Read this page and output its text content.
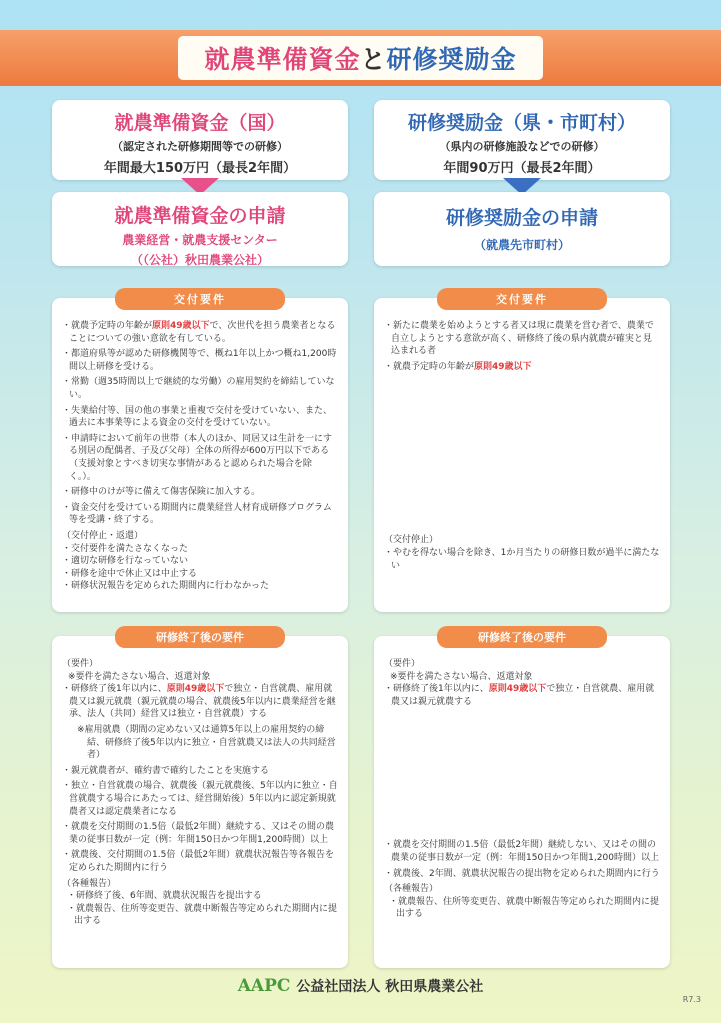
就農準備資金 と 研修奨励金
就農準備資金（国）
（認定された研修期間等での研修）
年間最大150万円（最長2年間）
研修奨励金（県・市町村）
（県内の研修施設などでの研修）
年間90万円（最長2年間）
就農準備資金の申請
農業経営・就農支援センター
（（公社）秋田農業公社）
研修奨励金の申請
（就農先市町村）
交付要件

・就農予定時の年齢が原則49歳以下で、次世代を担う農業者となることについての強い意欲を有している。

・都道府県等が認めた研修機関等で、概ね1年以上かつ概ね1,200時間以上研修を受ける。

・常勤（週35時間以上で継続的な労働）の雇用契約を締結していない。

・失業給付等、国の他の事業と重複で交付を受けていない、また、過去に本事業等による資金の交付を受けていない。

・申請時において前年の世帯（本人のほか、同居又は生計を一にする別居の配偶者、子及び父母）全体の所得が600万円以下である（支援対象とすべき切実な事情があると認められた場合を除く。）。

・研修中のけが等に備えて傷害保険に加入する。

・資金交付を受けている期間内に農業経営人材育成研修プログラム等を受講・終了する。

（交付停止・返還）

・交付要件を満たさなくなった

・適切な研修を行なっていない

・研修を途中で休止又は中止する

・研修状況報告を定められた期間内に行わなかった

交付要件

・新たに農業を始めようとする者又は現に農業を営む者で、農業で自立しようとする意欲が高く、研修終了後の県内就農が確実と見込まれる者

・就農予定時の年齢が原則49歳以下

（交付停止）

・やむを得ない場合を除き、1か月当たりの研修日数が過半に満たない

研修終了後の要件

（要件）

※要件を満たさない場合、返還対象

・研修終了後1年以内に、原則49歳以下で独立・自営就農、雇用就農又は親元就農（親元就農の場合、就農後5年以内に農業経営を継承、法人（共同）経営又は独立・自営就農）する

※雇用就農（期間の定めない又は通算5年以上の雇用契約の締結、研修終了後5年以内に独立・自営就農又は法人の共同経営者）

・親元就農者が、確約書で確約したことを実施する

・独立・自営就農の場合、就農後（親元就農後、5年以内に独立・自営就農する場合にあたっては、経営開始後）5年以内に認定新規就農者又は認定農業者になる

・就農を交付期間の1.5倍（最低2年間）継続する、又はその間の農業の従事日数が一定（例：年間150日かつ年間1,200時間）以上

・就農後、交付期間の1.5倍（最低2年間）就農状況報告等各報告を定められた期間内に行う

（各種報告）

・研修終了後、6年間、就農状況報告を提出する

・就農報告、住所等変更告、就農中断報告等定められた期間内に提出する

研修終了後の要件

（要件）

※要件を満たさない場合、返還対象

・研修終了後1年以内に、原則49歳以下で独立・自営就農、雇用就農又は親元就農する

・就農を交付期間の1.5倍（最低2年間）継続しない、又はその間の農業の従事日数が一定（例：年間150日かつ年間1,200時間）以上

・就農後、2年間、就農状況報告の提出物を定められた期間内に行う

（各種報告）

・就農報告、住所等変更告、就農中断報告等定められた期間内に提出する

AAPC 公益社団法人 秋田県農業公社
R7.3
